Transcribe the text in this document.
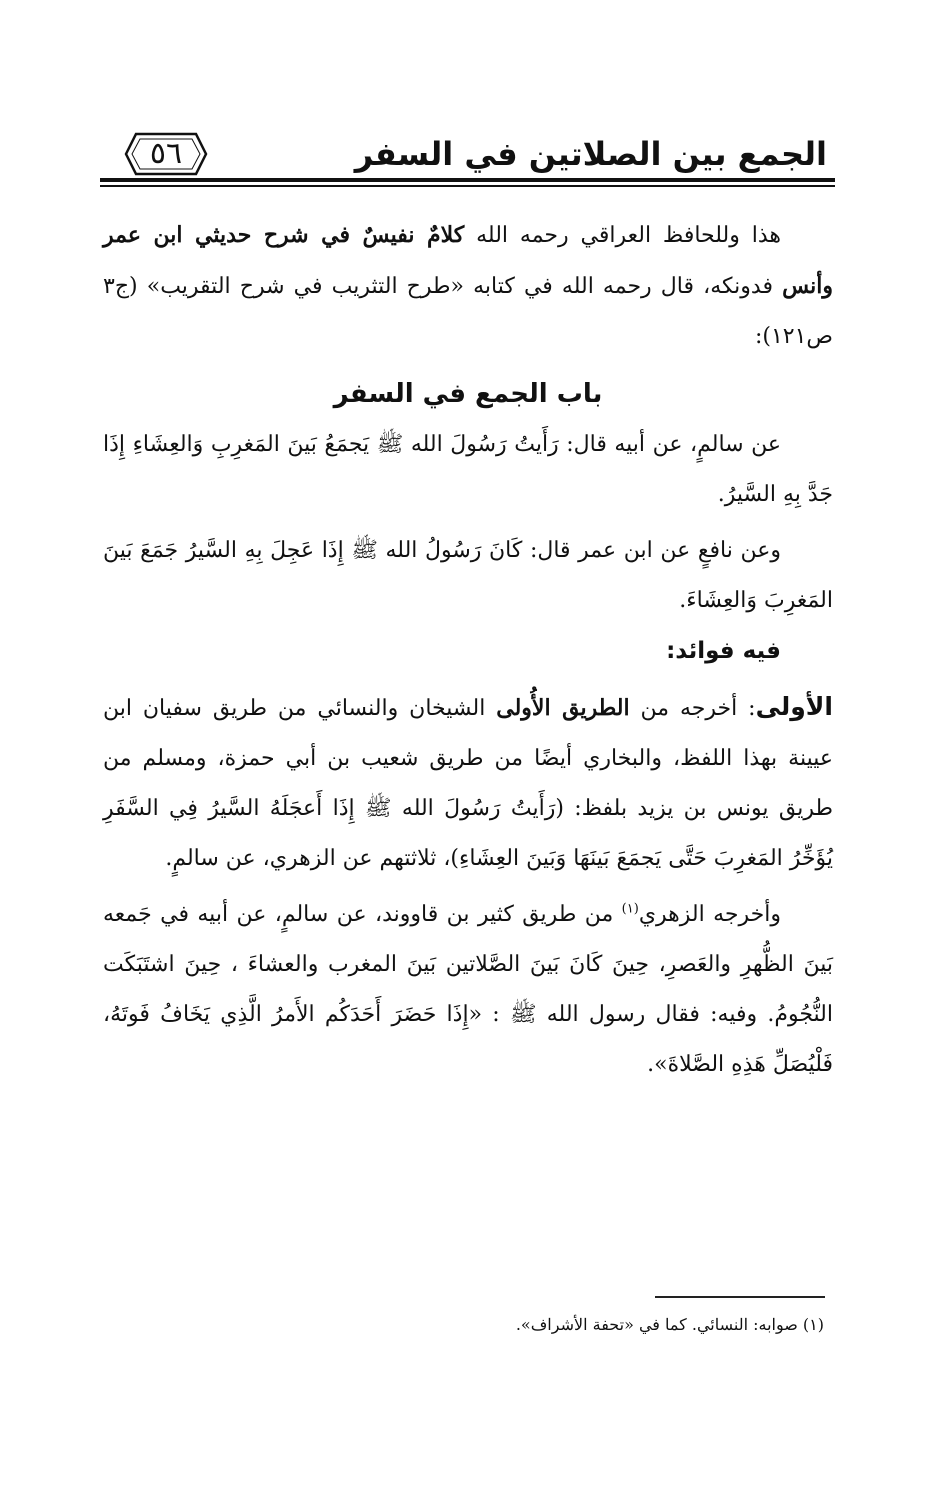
الجمع بين الصلاتين في السفر
٥٦

هذا وللحافظ العراقي رحمه الله كلامٌ نفيسٌ في شرح حديثي ابن عمر وأنس فدونكه، قال رحمه الله في كتابه «طرح التثريب في شرح التقريب» (ج٣ ص١٢١):

باب الجمع في السفر

عن سالمٍ، عن أبيه قال: رَأَيتُ رَسُولَ الله ﷺ يَجمَعُ بَينَ المَغرِبِ وَالعِشَاءِ إِذَا جَدَّ بِهِ السَّيرُ.

وعن نافعٍ عن ابن عمر قال: كَانَ رَسُولُ الله ﷺ إِذَا عَجِلَ بِهِ السَّيرُ جَمَعَ بَينَ المَغرِبَ وَالعِشَاءَ.

فيه فوائد:

الأولى: أخرجه من الطريق الأُولى الشيخان والنسائي من طريق سفيان ابن عيينة بهذا اللفظ، والبخاري أيضًا من طريق شعيب بن أبي حمزة، ومسلم من طريق يونس بن يزيد بلفظ: (رَأَيتُ رَسُولَ الله ﷺ إِذَا أَعجَلَهُ السَّيرُ فِي السَّفَرِ يُؤَخِّرُ المَغرِبَ حَتَّى يَجمَعَ بَينَهَا وَبَينَ العِشَاءِ)، ثلاثتهم عن الزهري، عن سالمٍ.

وأخرجه الزهري$^{(١)}$ من طريق كثير بن قاووند، عن سالمٍ، عن أبيه في جَمعه بَينَ الظُّهرِ والعَصرِ، حِينَ كَانَ بَينَ الصَّلاتين بَينَ المغرب والعشاءَ ، حِينَ اشتَبَكَت النُّجُومُ. وفيه: فقال رسول الله ﷺ : «إِذَا حَضَرَ أَحَدَكُم الأَمرُ الَّذِي يَخَافُ فَوتَهُ، فَلْيُصَلِّ هَذِهِ الصَّلاةَ».

(١) صوابه: النسائي. كما في «تحفة الأشراف».
